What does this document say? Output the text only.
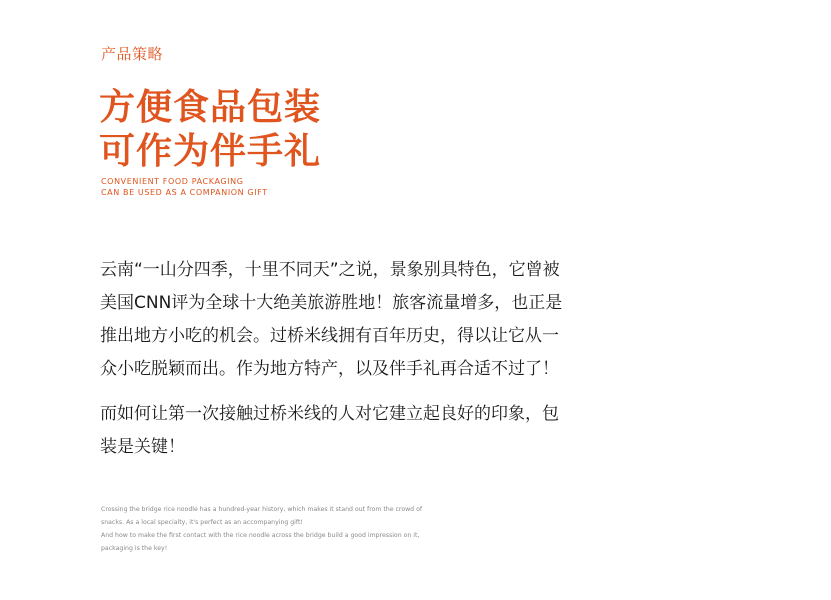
产品策略
方便食品包装
可作为伴手礼
CONVENIENT FOOD PACKAGING
CAN BE USED AS A COMPANION GIFT

云南“一山分四季，十里不同天”之说，景象别具特色，它曾被
美国CNN评为全球十大绝美旅游胜地！旅客流量增多，也正是
推出地方小吃的机会。过桥米线拥有百年历史，得以让它从一
众小吃脱颖而出。作为地方特产，以及伴手礼再合适不过了！

而如何让第一次接触过桥米线的人对它建立起良好的印象，包
装是关键！

Crossing the bridge rice noodle has a hundred-year history, which makes it stand out from the crowd of
snacks. As a local specialty, it's perfect as an accompanying gift!
And how to make the first contact with the rice noodle across the bridge build a good impression on it,
packaging is the key!
